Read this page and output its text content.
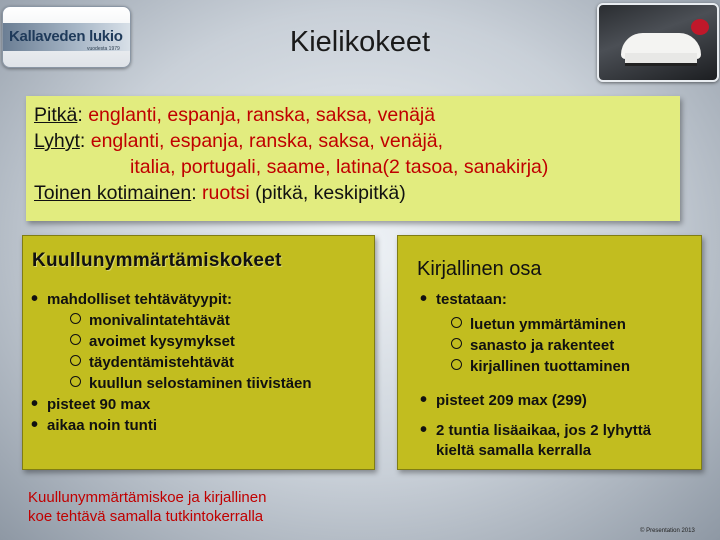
Kallaveden lukio
vuodesta 1979	Kielikokeet
Pitkä: englanti, espanja, ranska, saksa, venäjä
Lyhyt: englanti, espanja, ranska, saksa, venäjä,
italia, portugali, saame, latina(2 tasoa, sanakirja)
Toinen kotimainen: ruotsi (pitkä, keskipitkä)
Kuullunymmärtämiskokeet
• mahdolliset tehtävätyypit:
monivalintatehtävät
avoimet kysymykset
täydentämistehtävät
kuullun selostaminen tiivistäen
• pisteet 90 max
• aikaa noin tunti
Kirjallinen osa
• testataan:
luetun ymmärtäminen
sanasto ja rakenteet
kirjallinen tuottaminen
• pisteet 209 max (299)
• 2 tuntia lisäaikaa, jos 2 lyhyttä
kieltä samalla kerralla
Kuullunymmärtämiskoe ja kirjallinen
koe tehtävä samalla tutkintokerralla
© Presentation 2013
